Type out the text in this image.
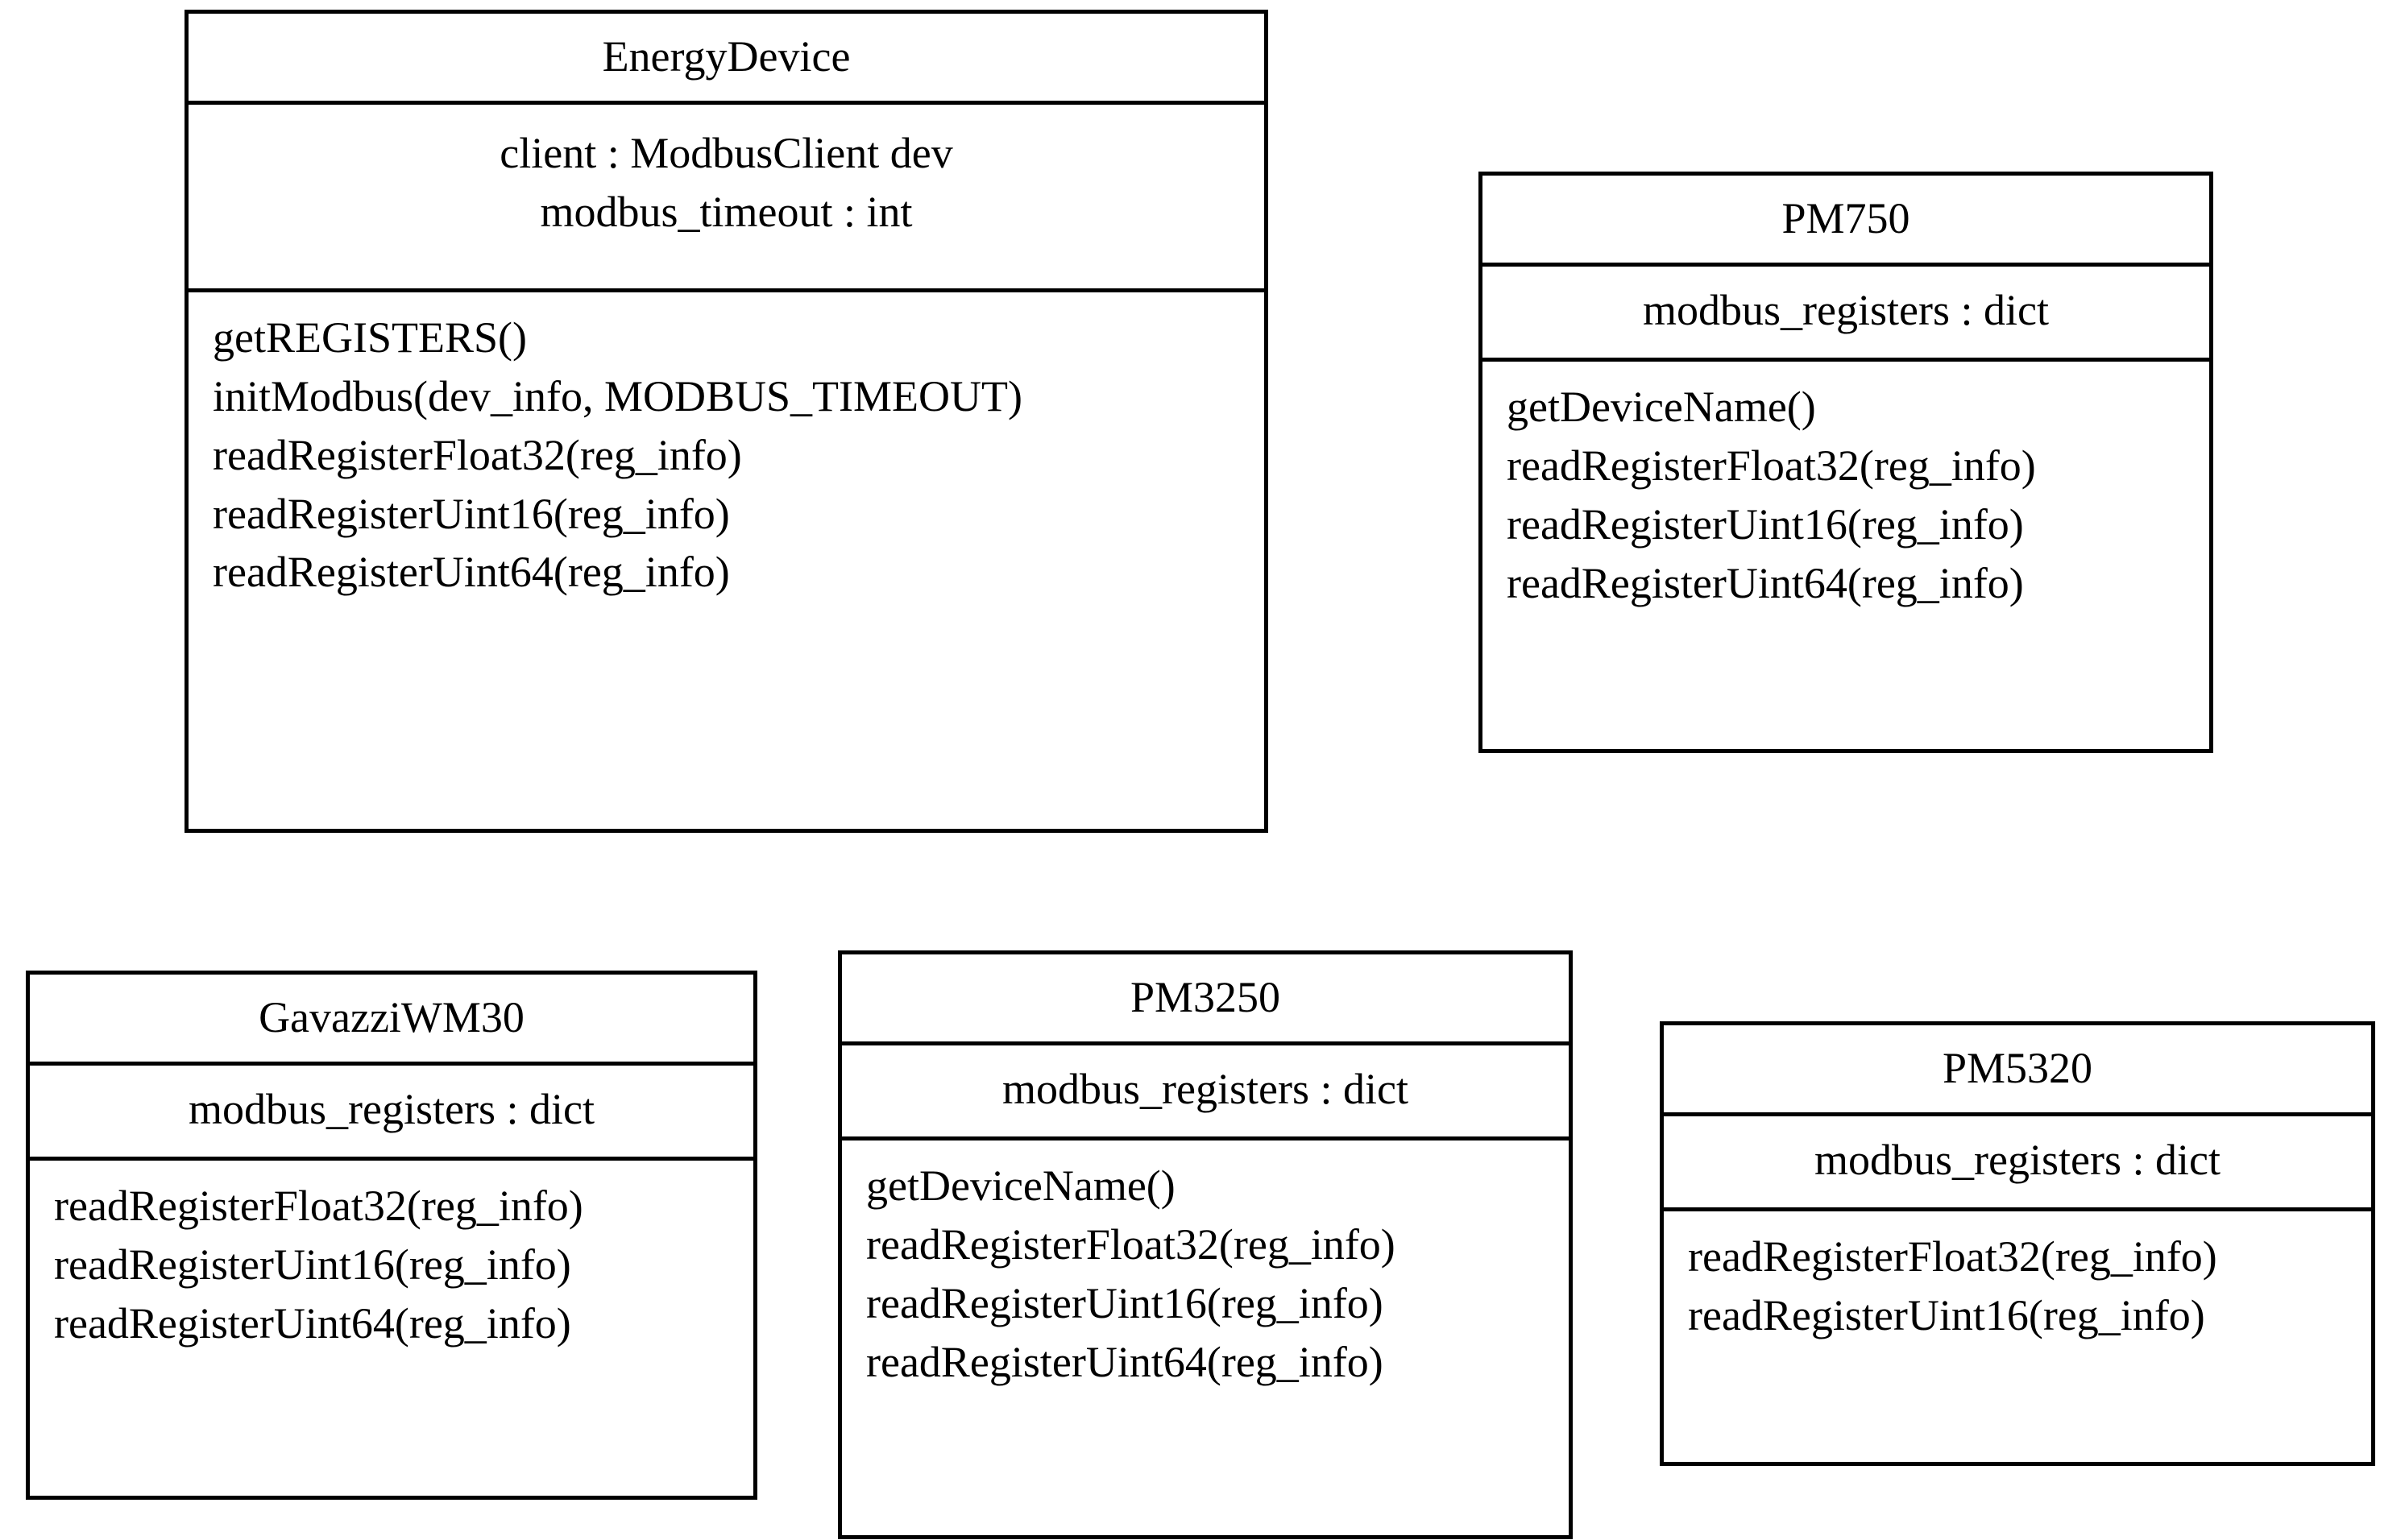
EnergyDevice
client : ModbusClient dev
modbus_timeout : int
getREGISTERS()
initModbus(dev_info, MODBUS_TIMEOUT)
readRegisterFloat32(reg_info)
readRegisterUint16(reg_info)
readRegisterUint64(reg_info)
PM750
modbus_registers : dict
getDeviceName()
readRegisterFloat32(reg_info)
readRegisterUint16(reg_info)
readRegisterUint64(reg_info)
GavazziWM30
modbus_registers : dict
readRegisterFloat32(reg_info)
readRegisterUint16(reg_info)
readRegisterUint64(reg_info)
PM3250
modbus_registers : dict
getDeviceName()
readRegisterFloat32(reg_info)
readRegisterUint16(reg_info)
readRegisterUint64(reg_info)
PM5320
modbus_registers : dict
readRegisterFloat32(reg_info)
readRegisterUint16(reg_info)
